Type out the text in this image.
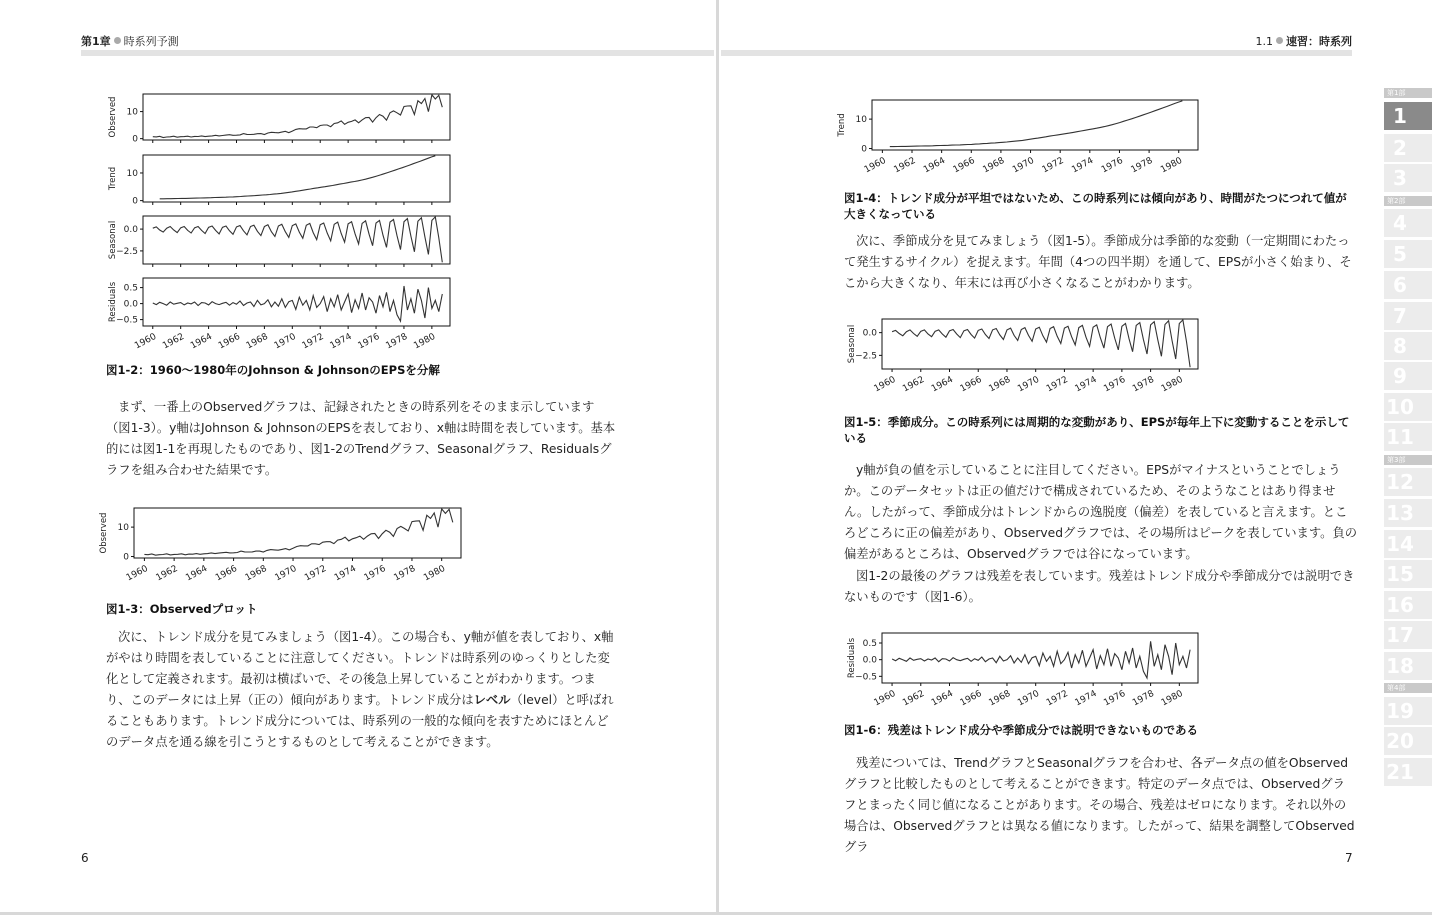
第1章 時系列予測
Observed
0
10
Trend
0
10
Seasonal 0.0
−2.5
Residuals 0.5
0.0
−0.5
1960 1962 1964 1966 1968 1970 1972 1974 1976 1978 1980
図1-2：1960〜1980年のJohnson & JohnsonのEPSを分解

まず、一番上のObservedグラフは、記録されたときの時系列をそのまま示しています（図1-3）。y軸はJohnson & JohnsonのEPSを表しており、x軸は時間を表しています。基本的には図1-1を再現したものであり、図1-2のTrendグラフ、Seasonalグラフ、Residualsグラフを組み合わせた結果です。

Observed
0
10
1960 1962 1964 1966 1968 1970 1972 1974 1976 1978 1980
図1-3：Observedプロット

次に、トレンド成分を見てみましょう（図1-4）。この場合も、y軸が値を表しており、x軸がやはり時間を表していることに注意してください。トレンドは時系列のゆっくりとした変化として定義されます。最初は横ばいで、その後急上昇していることがわかります。つまり、このデータには上昇（正の）傾向があります。トレンド成分はレベル（level）と呼ばれることもあります。トレンド成分については、時系列の一般的な傾向を表すためにほとんどのデータ点を通る線を引こうとするものとして考えることができます。

6
1.1 速習：時系列
Trend
0
10
1960 1962 1964 1966 1968 1970 1972 1974 1976 1978 1980
図1-4：トレンド成分が平坦ではないため、この時系列には傾向があり、時間がたつにつれて値が大きくなっている

次に、季節成分を見てみましょう（図1-5）。季節成分は季節的な変動（一定期間にわたって発生するサイクル）を捉えます。年間（4つの四半期）を通して、EPSが小さく始まり、そこから大きくなり、年末には再び小さくなることがわかります。

Seasonal 0.0
−2.5
1960 1962 1964 1966 1968 1970 1972 1974 1976 1978 1980
図1-5：季節成分。この時系列には周期的な変動があり、EPSが毎年上下に変動することを示している

y軸が負の値を示していることに注目してください。EPSがマイナスということでしょうか。このデータセットは正の値だけで構成されているため、そのようなことはあり得ません。したがって、季節成分はトレンドからの逸脱度（偏差）を表していると言えます。ところどころに正の偏差があり、Observedグラフでは、その場所はピークを表しています。負の偏差があるところは、Observedグラフでは谷になっています。

図1-2の最後のグラフは残差を表しています。残差はトレンド成分や季節成分では説明できないものです（図1-6）。

Residuals 0.5
0.0
−0.5
1960 1962 1964 1966 1968 1970 1972 1974 1976 1978 1980
図1-6：残差はトレンド成分や季節成分では説明できないものである

残差については、TrendグラフとSeasonalグラフを合わせ、各データ点の値をObservedグラフと比較したものとして考えることができます。特定のデータ点では、Observedグラフとまったく同じ値になることがあります。その場合、残差はゼロになります。それ以外の場合は、Observedグラフとは異なる値になります。したがって、結果を調整してObservedグラ

7
第1部
1
2
3
第2部
4
5
6
7
8
9
10
11
第3部
12
13
14
15
16
17
18
第4部
19
20
21
